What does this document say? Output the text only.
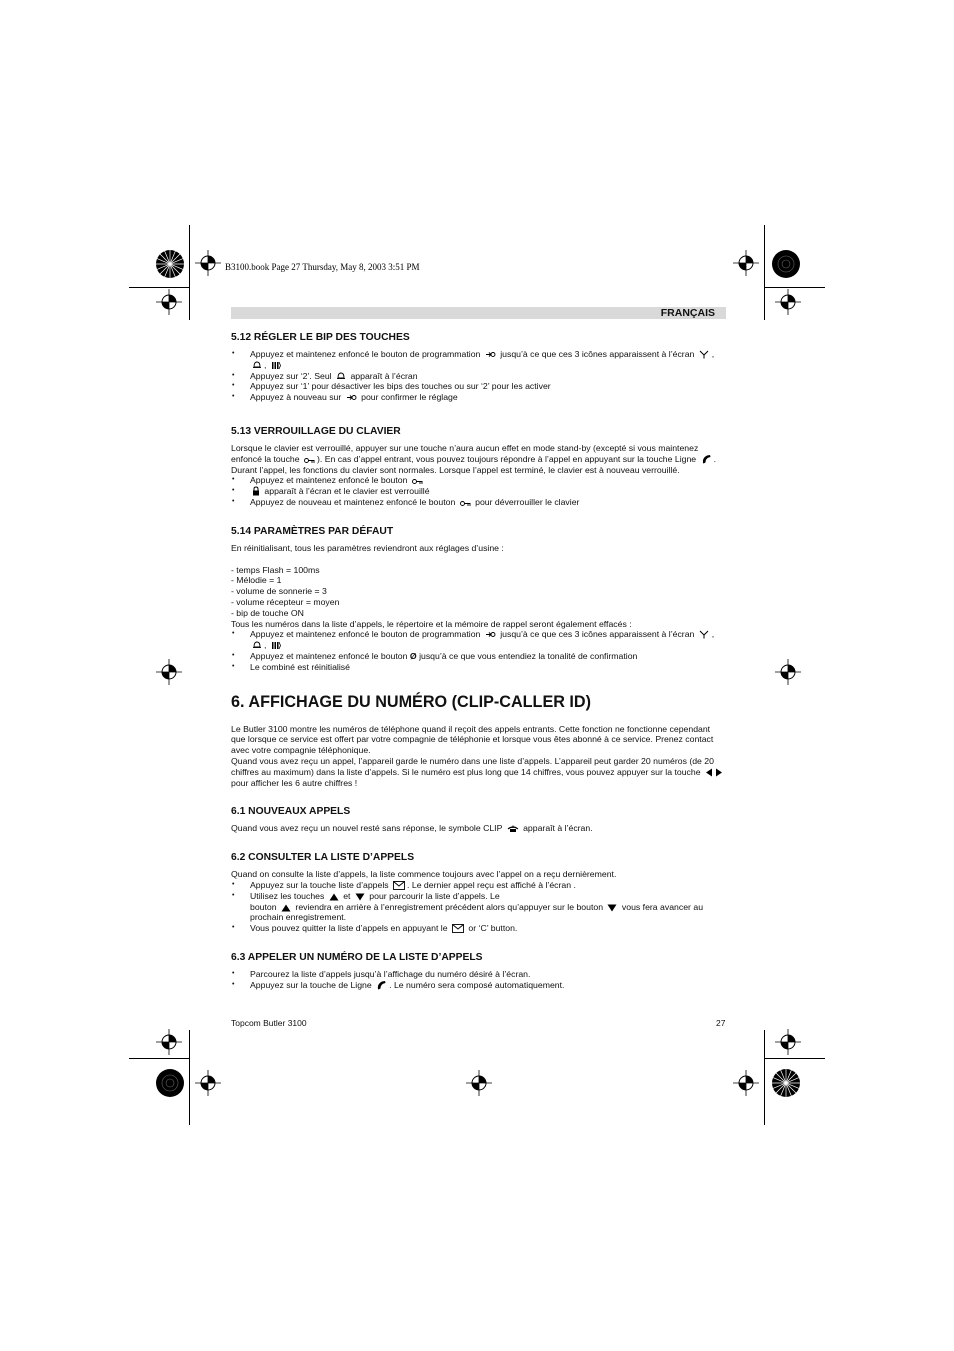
B3100.book Page 27 Thursday, May 8, 2003 3:51 PM
FRANÇAIS
5.12 RÉGLER LE BIP DES TOUCHES
• Appuyez et maintenez enfoncé le bouton de programmation jusqu’à ce que ces 3 icônes apparaissent à l’écran , ,
• Appuyez sur ‘2’. Seul apparaît à l’écran
• Appuyez sur ‘1’ pour désactiver les bips des touches ou sur ‘2’ pour les activer
• Appuyez à nouveau sur pour confirmer le réglage
5.13 VERROUILLAGE DU CLAVIER

Lorsque le clavier est verrouillé, appuyer sur une touche n’aura aucun effet en mode stand-by (excepté si vous maintenez enfoncé la touche ). En cas d’appel entrant, vous pouvez toujours répondre à l’appel en appuyant sur la touche Ligne . Durant l’appel, les fonctions du clavier sont normales. Lorsque l’appel est terminé, le clavier est à nouveau verrouillé.

• Appuyez et maintenez enfoncé le bouton
• apparaît à l’écran et le clavier est verrouillé
• Appuyez de nouveau et maintenez enfoncé le bouton pour déverrouiller le clavier
5.14 PARAMÈTRES PAR DÉFAUT

En réinitialisant, tous les paramètres reviendront aux réglages d’usine :

- temps Flash = 100ms

- Mélodie = 1

- volume de sonnerie = 3

- volume récepteur = moyen

- bip de touche ON

Tous les numéros dans la liste d’appels, le répertoire et la mémoire de rappel seront également effacés :

• Appuyez et maintenez enfoncé le bouton de programmation jusqu’à ce que ces 3 icônes apparaissent à l’écran , ,
• Appuyez et maintenez enfoncé le bouton Ø jusqu’à ce que vous entendiez la tonalité de confirmation
• Le combiné est réinitialisé
6. AFFICHAGE DU NUMÉRO (CLIP-CALLER ID)

Le Butler 3100 montre les numéros de téléphone quand il reçoit des appels entrants. Cette fonction ne fonctionne cependant que lorsque ce service est offert par votre compagnie de téléphonie et lorsque vous êtes abonné à ce service. Prenez contact avec votre compagnie téléphonique.

Quand vous avez reçu un appel, l’appareil garde le numéro dans une liste d’appels. L’appareil peut garder 20 numéros (de 20 chiffres au maximum) dans la liste d’appels. Si le numéro est plus long que 14 chiffres, vous pouvez appuyer sur la touche  pour afficher les 6 autre chiffres !

6.1 NOUVEAUX APPELS

Quand vous avez reçu un nouvel resté sans réponse, le symbole CLIP apparaît à l’écran.

6.2 CONSULTER LA LISTE D’APPELS

Quand on consulte la liste d’appels, la liste commence toujours avec l’appel on a reçu dernièrement.

• Appuyez sur la touche liste d’appels . Le dernier appel reçu est affiché à l’écran .
• Utilisez les touches et pour parcourir la liste d’appels. Le
bouton reviendra en arrière à l’enregistrement précédent alors qu’appuyer sur le bouton vous fera avancer au prochain enregistrement.
• Vous pouvez quitter la liste d’appels en appuyant le or ‘C’ button.
6.3 APPELER UN NUMÉRO DE LA LISTE D’APPELS
• Parcourez la liste d’appels jusqu’à l’affichage du numéro désiré à l’écran.
• Appuyez sur la touche de Ligne . Le numéro sera composé automatiquement.
Topcom Butler 3100	27
